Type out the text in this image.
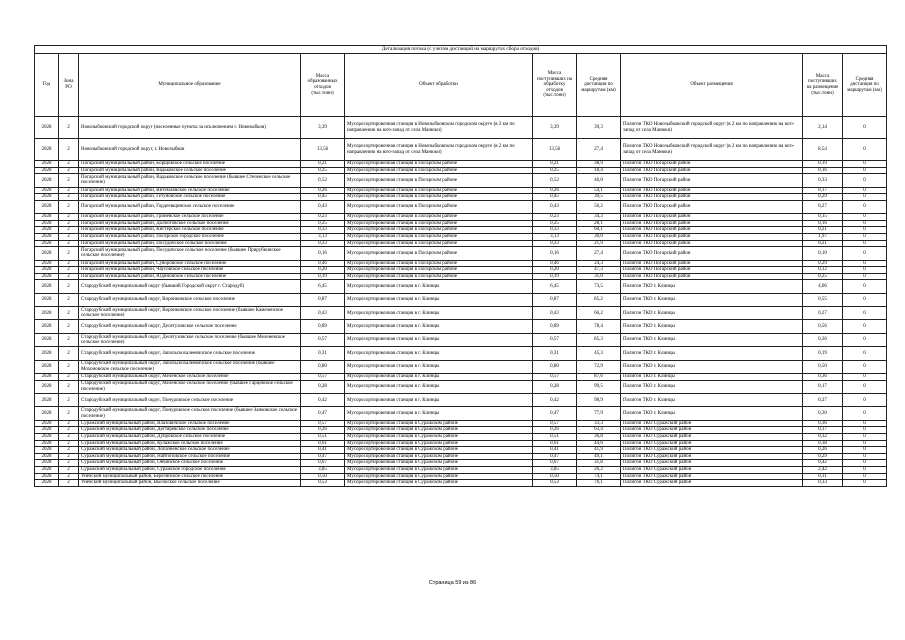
Детализация потока (с учетом дистанций на маршрутах сбора отходов)									
Год	Зона РО	Муниципальное образование	Масса образованных отходов (тыс.тонн)	Объект обработки	Масса поступивших на обработку отходов (тыс.тонн)	Средняя дистанция по маршрутам (км)	Объект размещения	Масса поступивших на размещение (тыс.тонн)	Средняя дистанция по маршрутам (км)
2028	2	Новозыбковский городской округ (населенные пункты за исключением г. Новозыбков)	3,39	Мусоросортировочная станция в Новозыбковском городском округе (в 2 км по направлению на юго-запад от села Манюки)	3,39	39,3	Полигон ТКО Новозыбковский городской округ (в 2 км по направлению на юго-запад от села Манюки)	2,14	0
2028	2	Новозыбковский городской округ, г. Новозыбков	13,56	Мусоросортировочная станция в Новозыбковском городском округе (в 2 км по направлению на юго-запад от села Манюки)	13,56	27,4	Полигон ТКО Новозыбковский городской округ (в 2 км по направлению на юго-запад от села Манюки)	8,54	0
2028	2	Погарский муниципальный район, Борщовское сельское поселение	0,21	Мусоросортировочная станция в Погарском районе	0,21	38,9	Полигон ТКО Погарский район	0,19	0
2028	2	Погарский муниципальный район, Вадьковское сельское поселение	0,25	Мусоросортировочная станция в Погарском районе	0,25	18,4	Полигон ТКО Погарский район	0,16	0
2028	2	Погарский муниципальный район, Вадьковское сельское поселение (бывшее Стеченское сельское поселение)	0,52	Мусоросортировочная станция в Погарском районе	0,52	46,0	Полигон ТКО Погарский район	0,33	0
2028	2	Погарский муниципальный район, Витемлянское сельское поселение	0,26	Мусоросортировочная станция в Погарском районе	0,26	54,1	Полигон ТКО Погарский район	0,17	0
2028	2	Погарский муниципальный район, Гетуновское сельское поселение	0,45	Мусоросортировочная станция в Погарском районе	0,45	39,5	Полигон ТКО Погарский район	0,29	0
2028	2	Погарский муниципальный район, Гордеевщинское сельское поселение	0,43	Мусоросортировочная станция в Погарском районе	0,43	56,2	Полигон ТКО Погарский район	0,27	0
2028	2	Погарский муниципальный район, Гриневское сельское поселение	0,23	Мусоросортировочная станция в Погарском районе	0,23	34,3	Полигон ТКО Погарский район	0,15	0
2028	2	Погарский муниципальный район, Долботовское сельское поселение	0,25	Мусоросортировочная станция в Погарском районе	0,25	28,1	Полигон ТКО Погарский район	0,16	0
2028	2	Погарский муниципальный район, Кистерское сельское поселение	0,33	Мусоросортировочная станция в Погарском районе	0,33	60,1	Полигон ТКО Погарский район	0,21	0
2028	2	Погарский муниципальный район, Погарское городское поселение	3,13	Мусоросортировочная станция в Погарском районе	3,13	30,0	Полигон ТКО Погарский район	1,97	0
2028	2	Погарский муниципальный район, Посудичское сельское поселение	0,33	Мусоросортировочная станция в Погарском районе	0,33	21,9	Полигон ТКО Погарский район	0,21	0
2028	2	Погарский муниципальный район, Посудичское сельское поселение (бывшее Прирубкинское сельское поселение)	0,16	Мусоросортировочная станция в Погарском районе	0,16	27,4	Полигон ТКО Погарский район	0,10	0
2028	2	Погарский муниципальный район, Суворовское сельское поселение	0,46	Мусоросортировочная станция в Погарском районе	0,46	24,3	Полигон ТКО Погарский район	0,29	0
2028	2	Погарский муниципальный район, Чаусовское сельское поселение	0,20	Мусоросортировочная станция в Погарском районе	0,20	47,3	Полигон ТКО Погарский район	0,12	0
2028	2	Погарский муниципальный район, Юдиновское сельское поселение	0,39	Мусоросортировочная станция в Погарском районе	0,39	31,0	Полигон ТКО Погарский район	0,25	0
2028	2	Стародубский муниципальный округ (бывший Городской округ г. Стародуб)	6,45	Мусоросортировочная станция в г. Клинцы	6,45	73,5	Полигон ТКО г. Клинцы	4,06	0
2028	2	Стародубский муниципальный округ, Воронковское сельское поселение	0,87	Мусоросортировочная станция в г. Клинцы	0,87	85,2	Полигон ТКО г. Клинцы	0,55	0
2028	2	Стародубский муниципальный округ, Воронковское сельское поселение (бывшее Камеченское сельское поселение)	0,43	Мусоросортировочная станция в г. Клинцы	0,43	66,2	Полигон ТКО г. Клинцы	0,27	0
2028	2	Стародубский муниципальный округ, Десятуховское сельское поселение	0,89	Мусоросортировочная станция в г. Клинцы	0,89	78,4	Полигон ТКО г. Клинцы	0,56	0
2028	2	Стародубский муниципальный округ, Десятуховское сельское поселение (бывшее Меленевское сельское поселение)	0,57	Мусоросортировочная станция в г. Клинцы	0,57	85,3	Полигон ТКО г. Клинцы	0,36	0
2028	2	Стародубский муниципальный округ, Запольскохалеевичское сельское поселение	0,31	Мусоросортировочная станция в г. Клинцы	0,31	45,3	Полигон ТКО г. Клинцы	0,19	0
2028	2	Стародубский муниципальный округ, Запольскохалеевичское сельское поселение (бывшее Мохоновское сельское поселение)	0,80	Мусоросортировочная станция в г. Клинцы	0,80	72,9	Полигон ТКО г. Клинцы	0,50	0
2028	2	Стародубский муниципальный округ, Меленское сельское поселение	0,57	Мусоросортировочная станция в г. Клинцы	0,57	87,6	Полигон ТКО г. Клинцы	0,36	0
2028	2	Стародубский муниципальный округ, Меленское сельское поселение (бывшее Гарцевское сельское поселение)	0,28	Мусоросортировочная станция в г. Клинцы	0,28	99,5	Полигон ТКО г. Клинцы	0,17	0
2028	2	Стародубский муниципальный округ, Понуровское сельское поселение	0,42	Мусоросортировочная станция в г. Клинцы	0,42	98,9	Полигон ТКО г. Клинцы	0,27	0
2028	2	Стародубский муниципальный округ, Понуровское сельское поселение (бывшее Занковское сельское поселение)	0,47	Мусоросортировочная станция в г. Клинцы	0,47	77,9	Полигон ТКО г. Клинцы	0,30	0
2028	2	Суражский муниципальный район, Влазовичское сельское поселение	0,57	Мусоросортировочная станция в Суражском районе	0,57	33,3	Полигон ТКО Суражский район	0,36	0
2028	2	Суражский муниципальный район, Дегтяревское сельское поселение	0,26	Мусоросортировочная станция в Суражском районе	0,26	63,4	Полигон ТКО Суражский район	0,17	0
2028	2	Суражский муниципальный район, Дубровское сельское поселение	0,51	Мусоросортировочная станция в Суражском районе	0,51	36,8	Полигон ТКО Суражский район	0,32	0
2028	2	Суражский муниципальный район, Кулажское сельское поселение	0,61	Мусоросортировочная станция в Суражском районе	0,61	44,6	Полигон ТКО Суражский район	0,38	0
2028	2	Суражский муниципальный район, Лопазненское сельское поселение	0,41	Мусоросортировочная станция в Суражском районе	0,41	41,9	Полигон ТКО Суражский район	0,26	0
2028	2	Суражский муниципальный район, Найтоповское сельское поселение	0,47	Мусоросортировочная станция в Суражском районе	0,47	49,1	Полигон ТКО Суражский район	0,29	0
2028	2	Суражский муниципальный район, Овчинское сельское поселение	0,67	Мусоросортировочная станция в Суражском районе	0,67	31,8	Полигон ТКО Суражский район	0,42	0
2028	2	Суражский муниципальный район, Суражское городское поселение	3,85	Мусоросортировочная станция в Суражском районе	3,85	26,2	Полигон ТКО Суражский район	2,42	0
2028	2	Унечский муниципальный район, Березинское сельское поселение	0,50	Мусоросортировочная станция в Суражском районе	0,50	74,1	Полигон ТКО Суражский район	0,31	0
2028	2	Унечский муниципальный район, Высокское сельское поселение	0,53	Мусоросортировочная станция в Суражском районе	0,53	76,1	Полигон ТКО Суражский район	0,33	0
Страница 59 из 86
